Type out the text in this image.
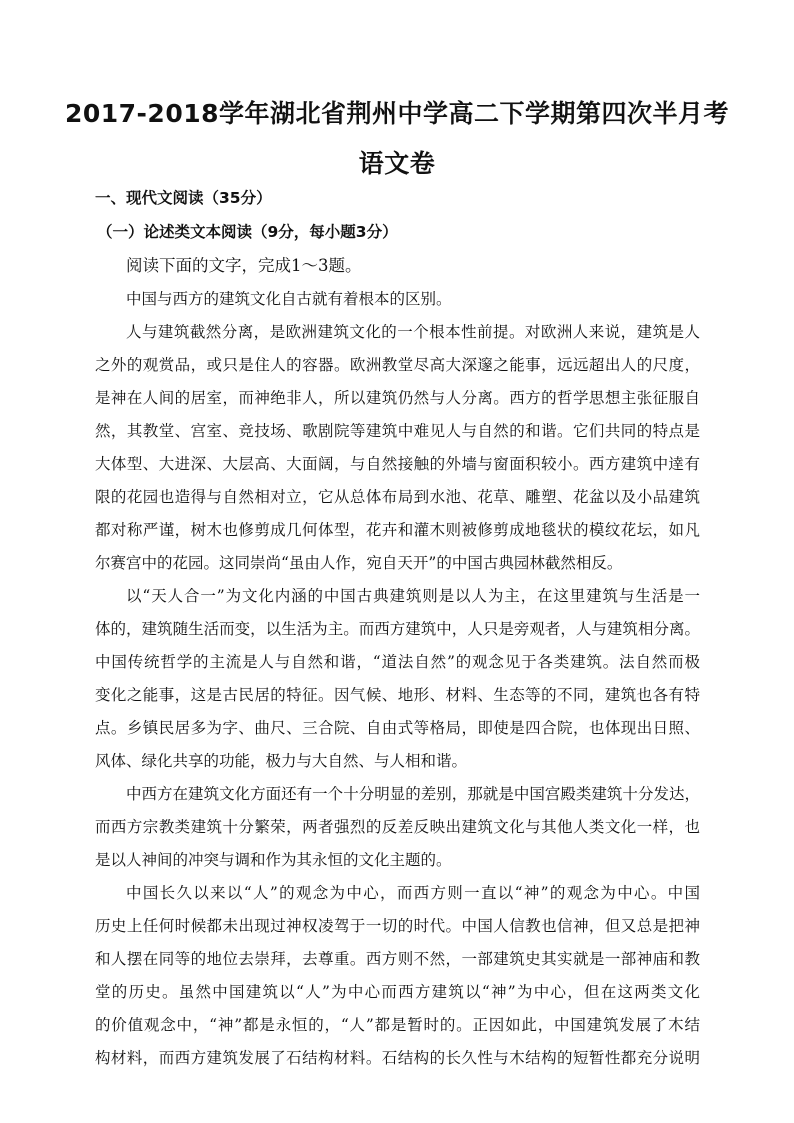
2017-2018学年湖北省荆州中学高二下学期第四次半月考
语文卷
一、现代文阅读（35分）
（一）论述类文本阅读（9分，每小题3分）
阅读下面的文字，完成1～3题。
中国与西方的建筑文化自古就有着根本的区别。
人与建筑截然分离，是欧洲建筑文化的一个根本性前提。对欧洲人来说，建筑是人
之外的观赏品，或只是住人的容器。欧洲教堂尽高大深邃之能事，远远超出人的尺度，
是神在人间的居室，而神绝非人，所以建筑仍然与人分离。西方的哲学思想主张征服自
然，其教堂、宫室、竞技场、歌剧院等建筑中难见人与自然的和谐。它们共同的特点是
大体型、大进深、大层高、大面阔，与自然接触的外墙与窗面积较小。西方建筑中逹有
限的花园也造得与自然相对立，它从总体布局到水池、花草、雕塑、花盆以及小品建筑
都对称严谨，树木也修剪成几何体型，花卉和灌木则被修剪成地毯状的模纹花坛，如凡
尔赛宫中的花园。这同崇尚“虽由人作，宛自天开”的中国古典园林截然相反。
以“天人合一”为文化内涵的中国古典建筑则是以人为主，在这里建筑与生活是一
体的，建筑随生活而变，以生活为主。而西方建筑中，人只是旁观者，人与建筑相分离。
中国传统哲学的主流是人与自然和谐，“道法自然”的观念见于各类建筑。法自然而极
变化之能事，这是古民居的特征。因气候、地形、材料、生态等的不同，建筑也各有特
点。乡镇民居多为字、曲尺、三合院、自由式等格局，即使是四合院，也体现出日照、
风体、绿化共享的功能，极力与大自然、与人相和谐。
中西方在建筑文化方面还有一个十分明显的差别，那就是中国宫殿类建筑十分发达，
而西方宗教类建筑十分繁荣，两者强烈的反差反映出建筑文化与其他人类文化一样，也
是以人神间的冲突与调和作为其永恒的文化主题的。
中国长久以来以“人”的观念为中心，而西方则一直以“神”的观念为中心。中国
历史上任何时候都未出现过神权凌驾于一切的时代。中国人信教也信神，但又总是把神
和人摆在同等的地位去崇拜，去尊重。西方则不然，一部建筑史其实就是一部神庙和教
堂的历史。虽然中国建筑以“人”为中心而西方建筑以“神”为中心，但在这两类文化
的价值观念中，“神”都是永恒的，“人”都是暂时的。正因如此，中国建筑发展了木结
构材料，而西方建筑发展了石结构材料。石结构的长久性与木结构的短暂性都充分说明
